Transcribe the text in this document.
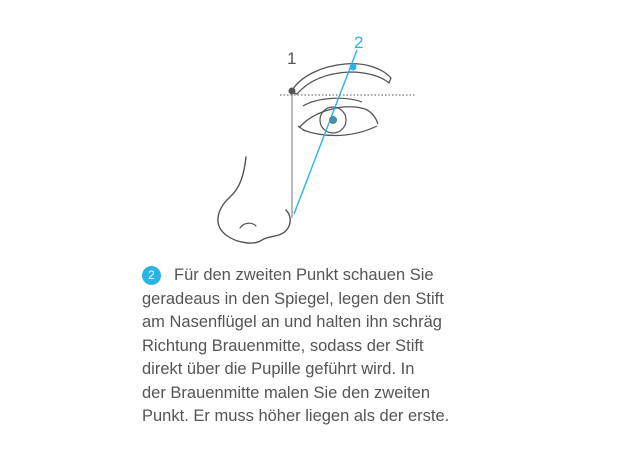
1
2
2 Für den zweiten Punkt schauen Sie
geradeaus in den Spiegel, legen den Stift
am Nasenflügel an und halten ihn schräg
Richtung Brauenmitte, sodass der Stift
direkt über die Pupille geführt wird. In
der Brauenmitte malen Sie den zweiten
Punkt. Er muss höher liegen als der erste.
